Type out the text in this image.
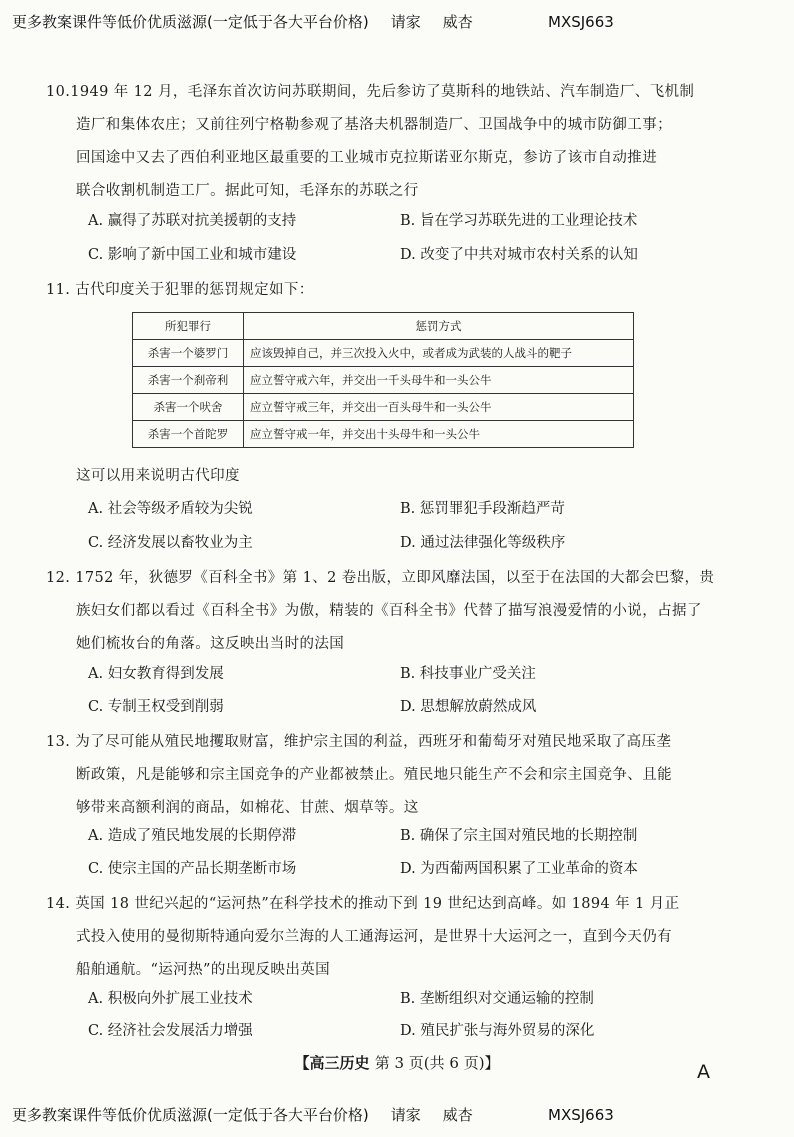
更多教案课件等低价优质滋源(一定低于各大平台价格) 请家 威杏	MXSJ663
10.1949 年 12 月，毛泽东首次访问苏联期间，先后参访了莫斯科的地铁站、汽车制造厂、飞机制
造厂和集体农庄；又前往列宁格勒参观了基洛夫机器制造厂、卫国战争中的城市防御工事；
回国途中又去了西伯利亚地区最重要的工业城市克拉斯诺亚尔斯克，参访了该市自动推进
联合收割机制造工厂。据此可知，毛泽东的苏联之行
A. 赢得了苏联对抗美援朝的支持	B. 旨在学习苏联先进的工业理论技术
C. 影响了新中国工业和城市建设	D. 改变了中共对城市农村关系的认知
11. 古代印度关于犯罪的惩罚规定如下：
所犯罪行	惩罚方式
杀害一个婆罗门	应该毁掉自己，并三次投入火中，或者成为武装的人战斗的靶子
杀害一个刹帝利	应立誓守戒六年，并交出一千头母牛和一头公牛
杀害一个吠舍	应立誓守戒三年，并交出一百头母牛和一头公牛
杀害一个首陀罗	应立誓守戒一年，并交出十头母牛和一头公牛
这可以用来说明古代印度
A. 社会等级矛盾较为尖锐	B. 惩罚罪犯手段渐趋严苛
C. 经济发展以畜牧业为主	D. 通过法律强化等级秩序
12. 1752 年，狄德罗《百科全书》第 1、2 卷出版，立即风靡法国，以至于在法国的大都会巴黎，贵
族妇女们都以看过《百科全书》为傲，精装的《百科全书》代替了描写浪漫爱情的小说，占据了
她们梳妆台的角落。这反映出当时的法国
A. 妇女教育得到发展	B. 科技事业广受关注
C. 专制王权受到削弱	D. 思想解放蔚然成风
13. 为了尽可能从殖民地攫取财富，维护宗主国的利益，西班牙和葡萄牙对殖民地采取了高压垄
断政策，凡是能够和宗主国竞争的产业都被禁止。殖民地只能生产不会和宗主国竞争、且能
够带来高额利润的商品，如棉花、甘蔗、烟草等。这
A. 造成了殖民地发展的长期停滞	B. 确保了宗主国对殖民地的长期控制
C. 使宗主国的产品长期垄断市场	D. 为西葡两国积累了工业革命的资本
14. 英国 18 世纪兴起的“运河热”在科学技术的推动下到 19 世纪达到高峰。如 1894 年 1 月正
式投入使用的曼彻斯特通向爱尔兰海的人工通海运河，是世界十大运河之一，直到今天仍有
船舶通航。“运河热”的出现反映出英国
A. 积极向外扩展工业技术	B. 垄断组织对交通运输的控制
C. 经济社会发展活力增强	D. 殖民扩张与海外贸易的深化
【高三历史 第 3 页(共 6 页)】	A
更多教案课件等低价优质滋源(一定低于各大平台价格) 请家 威杏	MXSJ663
